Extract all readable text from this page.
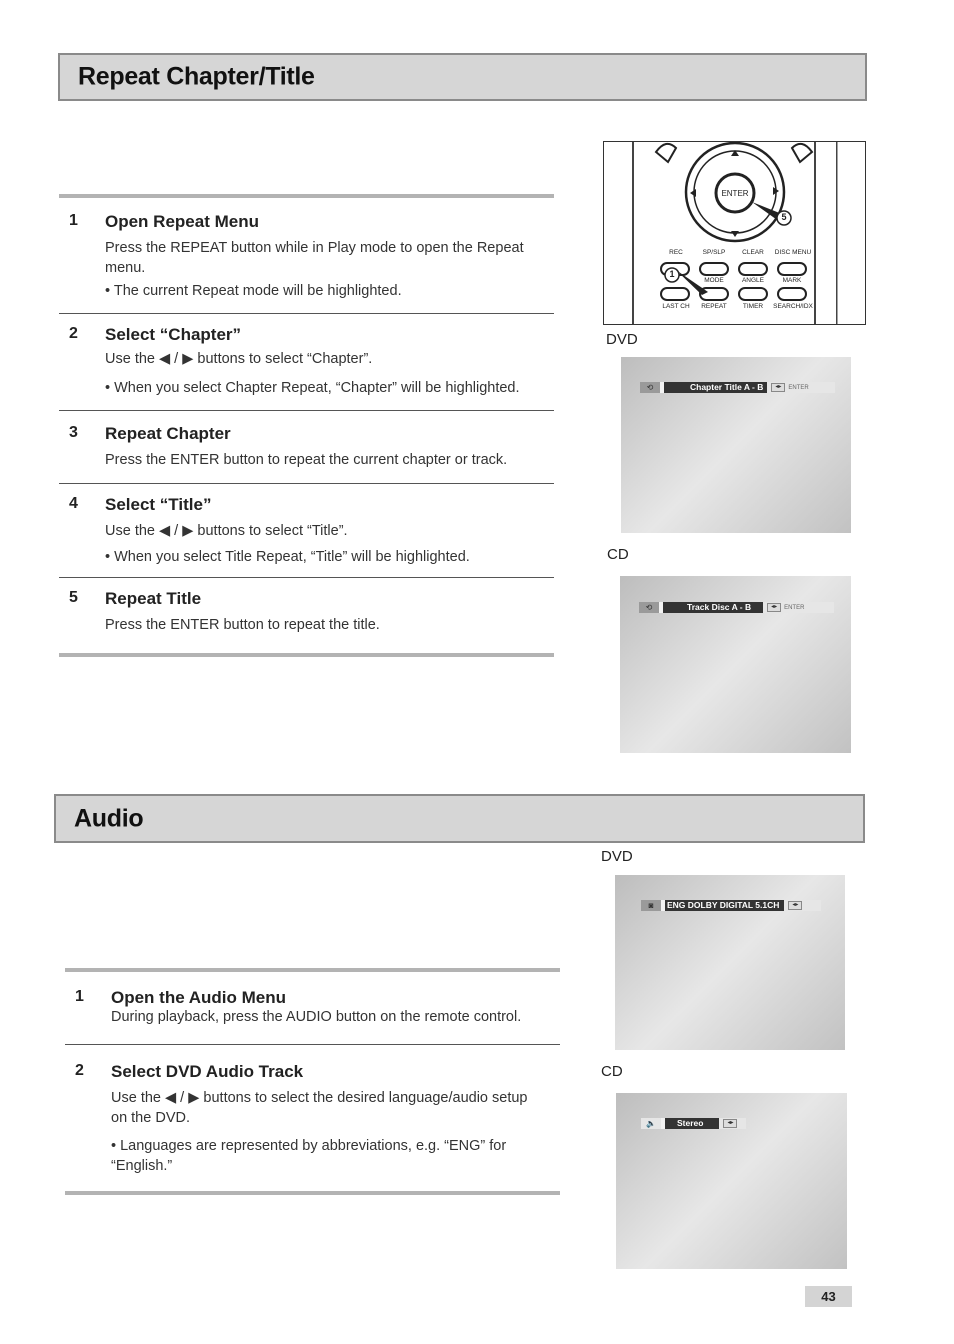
Repeat Chapter/Title
1 Open Repeat Menu
Press the REPEAT button while in Play mode to open the Repeat menu.
• The current Repeat mode will be highlighted.
2 Select “Chapter”
Use the ◀ / ▶ buttons to select “Chapter”.
• When you select Chapter Repeat, “Chapter” will be highlighted.
3 Repeat Chapter
Press the ENTER button to repeat the current chapter or track.
4 Select “Title”
Use the ◀ / ▶ buttons to select “Title”.
• When you select Title Repeat, “Title” will be highlighted.
5 Repeat Title
Press the ENTER button to repeat the title.
ENTER
5
1
REC	SP/SLP	CLEAR	DISC MENU
MODE	ANGLE	MARK
LAST CH	REPEAT	TIMER	SEARCH/IDX
DVD
⟲	Chapter Title A - B	◂▸	ENTER
CD
⟲	Track Disc A - B	◂▸	ENTER
Audio
1 Open the Audio Menu
During playback, press the AUDIO button on the remote control.
2 Select DVD Audio Track
Use the ◀ / ▶ buttons to select the desired language/audio setup on the DVD.
• Languages are represented by abbreviations, e.g. “ENG” for “English.”
DVD
◙	ENG DOLBY DIGITAL 5.1CH	◂▸
CD
🔈	Stereo	◂▸
43
